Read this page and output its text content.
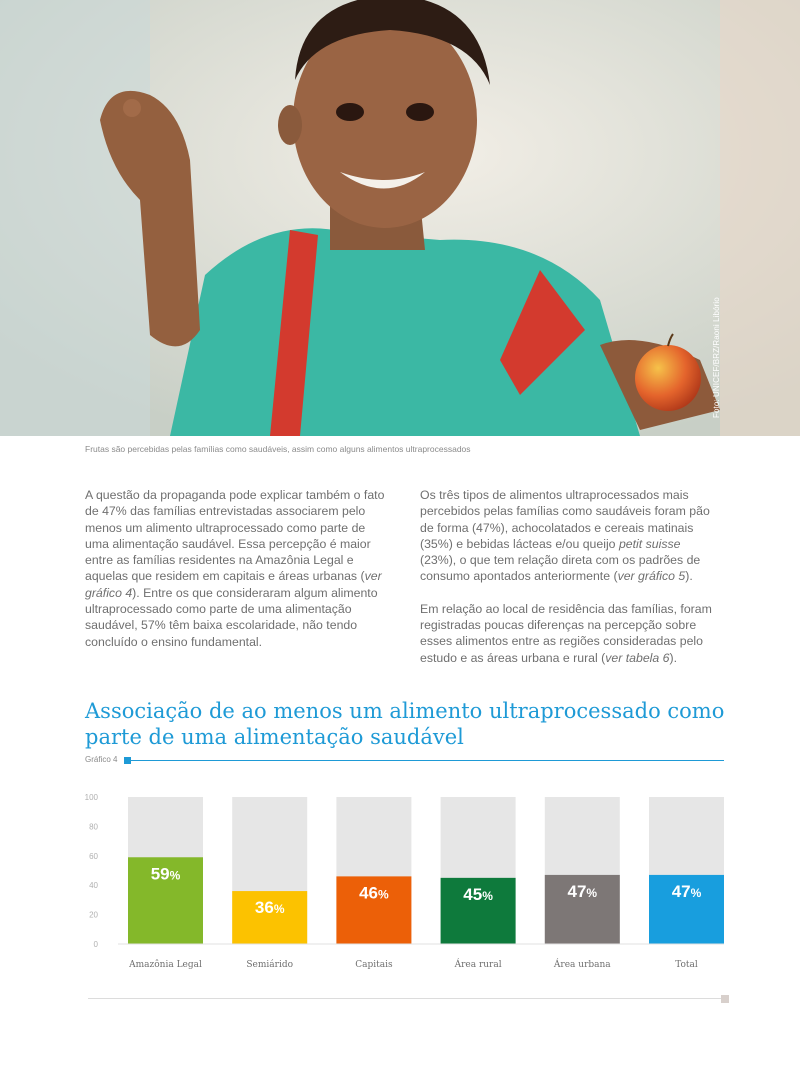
Foto: UNICEF/BRZ/Raoni Libório
Frutas são percebidas pelas famílias como saudáveis, assim como alguns alimentos ultraprocessados

A questão da propaganda pode explicar também o fato de 47% das famílias entrevistadas associarem pelo menos um alimento ultraprocessado como parte de uma alimentação saudável. Essa percepção é maior entre as famílias residentes na Amazônia Legal e aquelas que residem em capitais e áreas urbanas (ver gráfico 4). Entre os que consideraram algum alimento ultraprocessado como parte de uma alimentação saudável, 57% têm baixa escolaridade, não tendo concluído o ensino fundamental.

Os três tipos de alimentos ultraprocessados mais percebidos pelas famílias como saudáveis foram pão de forma (47%), achocolatados e cereais matinais (35%) e bebidas lácteas e/ou queijo petit suisse (23%), o que tem relação direta com os padrões de consumo apontados anteriormente (ver gráfico 5).

Em relação ao local de residência das famílias, foram registradas poucas diferenças na percepção sobre esses alimentos entre as regiões consideradas pelo estudo e as áreas urbana e rural (ver tabela 6).

Associação de ao menos um alimento ultraprocessado como parte de uma alimentação saudável
Gráfico 4
0
20
40
60
80
100
59%
Amazônia Legal
36%
Semiárido
46%
Capitais
45%
Área rural
47%
Área urbana
47%
Total
